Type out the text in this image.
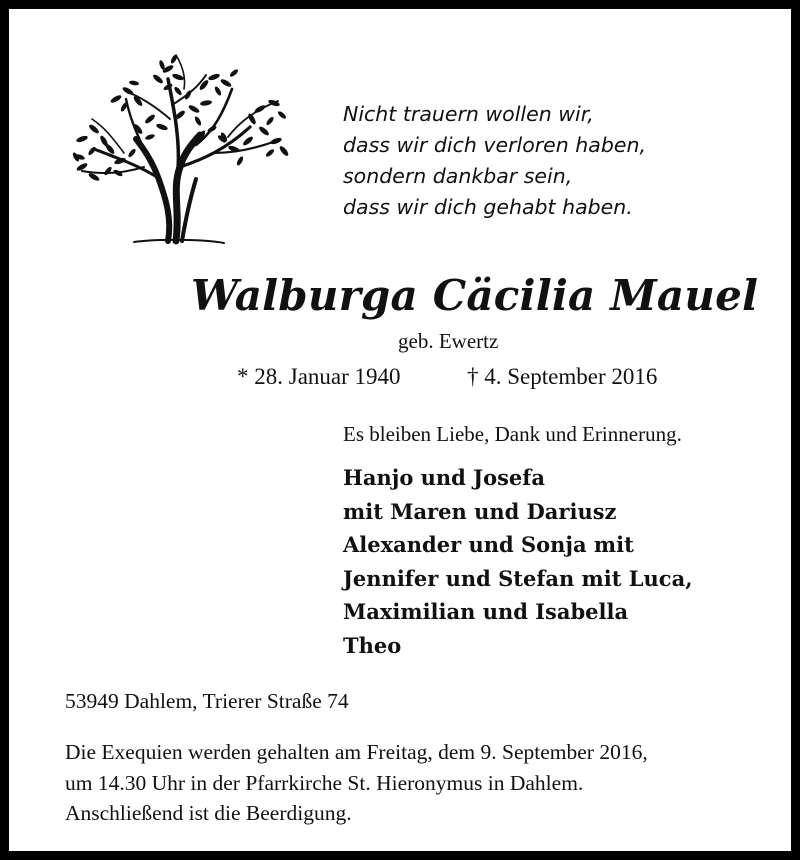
Nicht trauern wollen wir,
dass wir dich verloren haben,
sondern dankbar sein,
dass wir dich gehabt haben.
Walburga Cäcilia Mauel
geb. Ewertz
* 28. Januar 1940	† 4. September 2016
Es bleiben Liebe, Dank und Erinnerung.
Hanjo und Josefa
mit Maren und Dariusz
Alexander und Sonja mit
Jennifer und Stefan mit Luca,
Maximilian und Isabella
Theo
53949 Dahlem, Trierer Straße 74
Die Exequien werden gehalten am Freitag, dem 9. September 2016,
um 14.30 Uhr in der Pfarrkirche St. Hieronymus in Dahlem.
Anschließend ist die Beerdigung.
